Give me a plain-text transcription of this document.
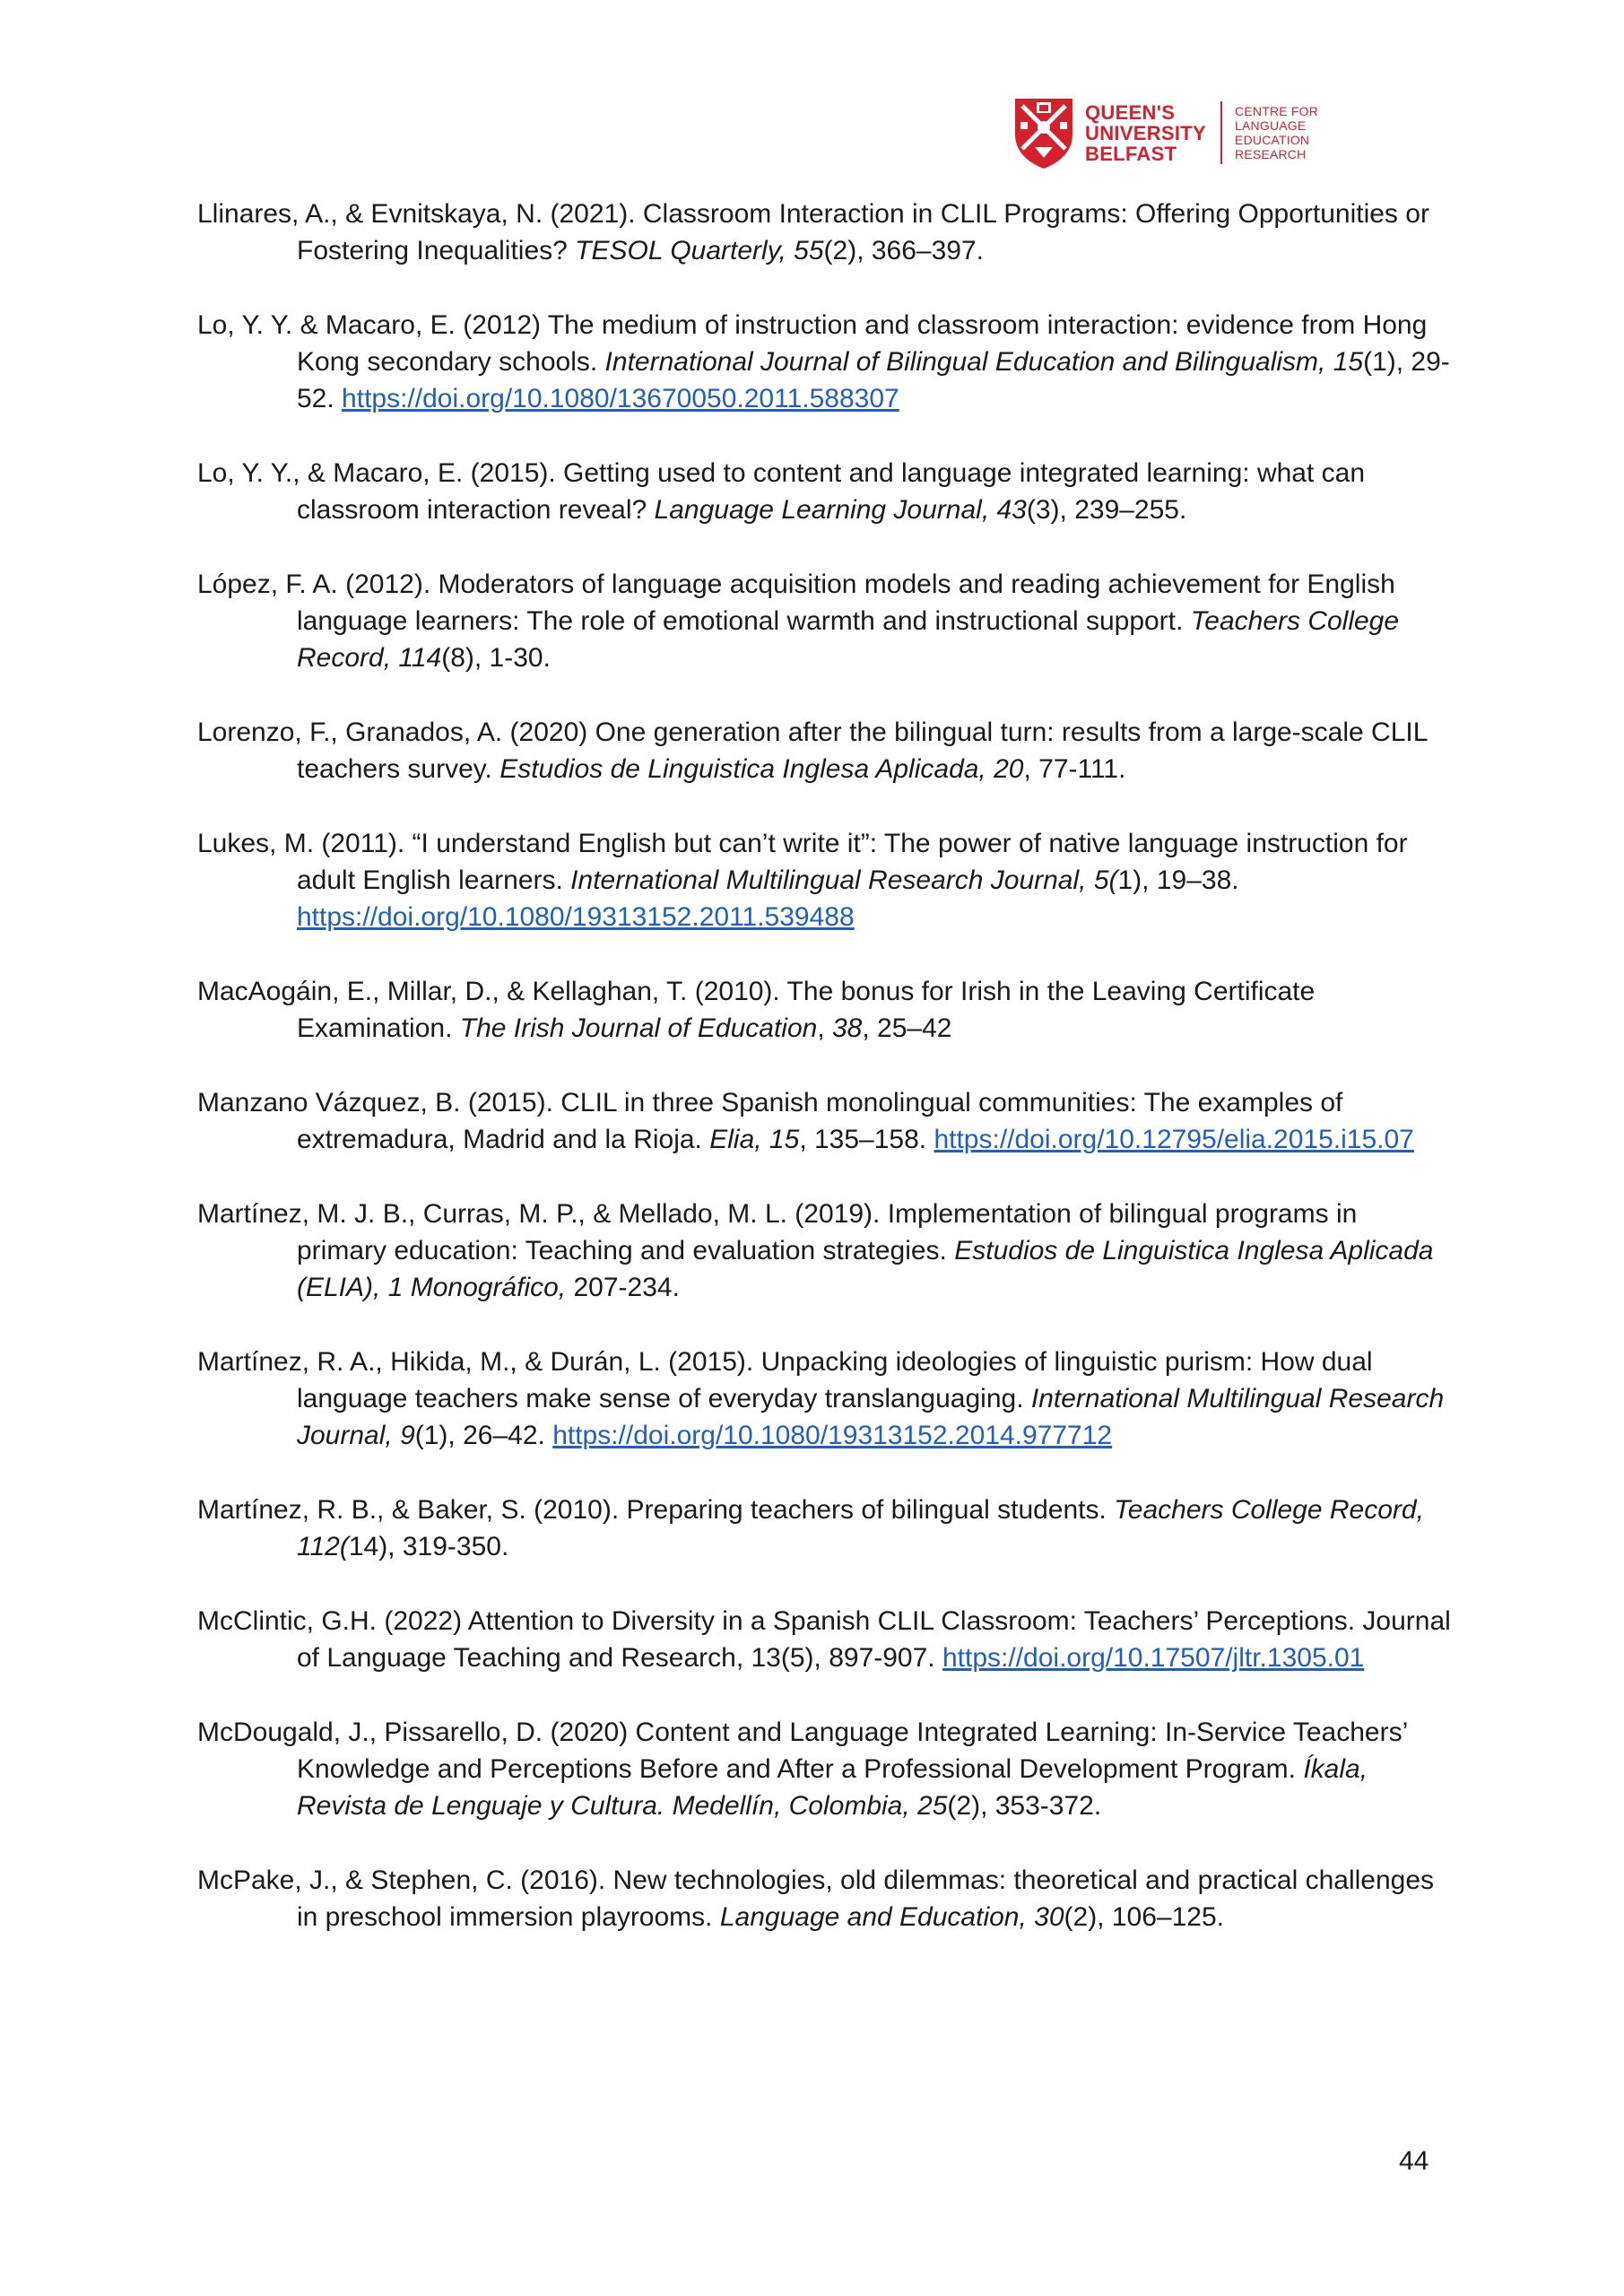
QUEEN'S
UNIVERSITY
BELFAST
CENTRE FOR
LANGUAGE
EDUCATION
RESEARCH

Llinares, A., & Evnitskaya, N. (2021). Classroom Interaction in CLIL Programs: Offering Opportunities or Fostering Inequalities? TESOL Quarterly, 55(2), 366–397.

Lo, Y. Y. & Macaro, E. (2012) The medium of instruction and classroom interaction: evidence from Hong Kong secondary schools. International Journal of Bilingual Education and Bilingualism, 15(1), 29-52. https://doi.org/10.1080/13670050.2011.588307

Lo, Y. Y., & Macaro, E. (2015). Getting used to content and language integrated learning: what can classroom interaction reveal? Language Learning Journal, 43(3), 239–255.

López, F. A. (2012). Moderators of language acquisition models and reading achievement for English language learners: The role of emotional warmth and instructional support. Teachers College Record, 114(8), 1-30.

Lorenzo, F., Granados, A. (2020) One generation after the bilingual turn: results from a large-scale CLIL teachers survey. Estudios de Linguistica Inglesa Aplicada, 20, 77-111.

Lukes, M. (2011). “I understand English but can’t write it”: The power of native language instruction for adult English learners. International Multilingual Research Journal, 5(1), 19–38. https://doi.org/10.1080/19313152.2011.539488

MacAogáin, E., Millar, D., & Kellaghan, T. (2010). The bonus for Irish in the Leaving Certificate Examination. The Irish Journal of Education, 38, 25–42

Manzano Vázquez, B. (2015). CLIL in three Spanish monolingual communities: The examples of extremadura, Madrid and la Rioja. Elia, 15, 135–158. https://doi.org/10.12795/elia.2015.i15.07

Martínez, M. J. B., Curras, M. P., & Mellado, M. L. (2019). Implementation of bilingual programs in primary education: Teaching and evaluation strategies. Estudios de Linguistica Inglesa Aplicada (ELIA), 1 Monográfico, 207-234.

Martínez, R. A., Hikida, M., & Durán, L. (2015). Unpacking ideologies of linguistic purism: How dual language teachers make sense of everyday translanguaging. International Multilingual Research Journal, 9(1), 26–42. https://doi.org/10.1080/19313152.2014.977712

Martínez, R. B., & Baker, S. (2010). Preparing teachers of bilingual students. Teachers College Record, 112(14), 319-350.

McClintic, G.H. (2022) Attention to Diversity in a Spanish CLIL Classroom: Teachers’ Perceptions. Journal of Language Teaching and Research, 13(5), 897-907. https://doi.org/10.17507/jltr.1305.01

McDougald, J., Pissarello, D. (2020) Content and Language Integrated Learning: In-Service Teachers’ Knowledge and Perceptions Before and After a Professional Development Program. Íkala, Revista de Lenguaje y Cultura. Medellín, Colombia, 25(2), 353-372.

McPake, J., & Stephen, C. (2016). New technologies, old dilemmas: theoretical and practical challenges in preschool immersion playrooms. Language and Education, 30(2), 106–125.

44
